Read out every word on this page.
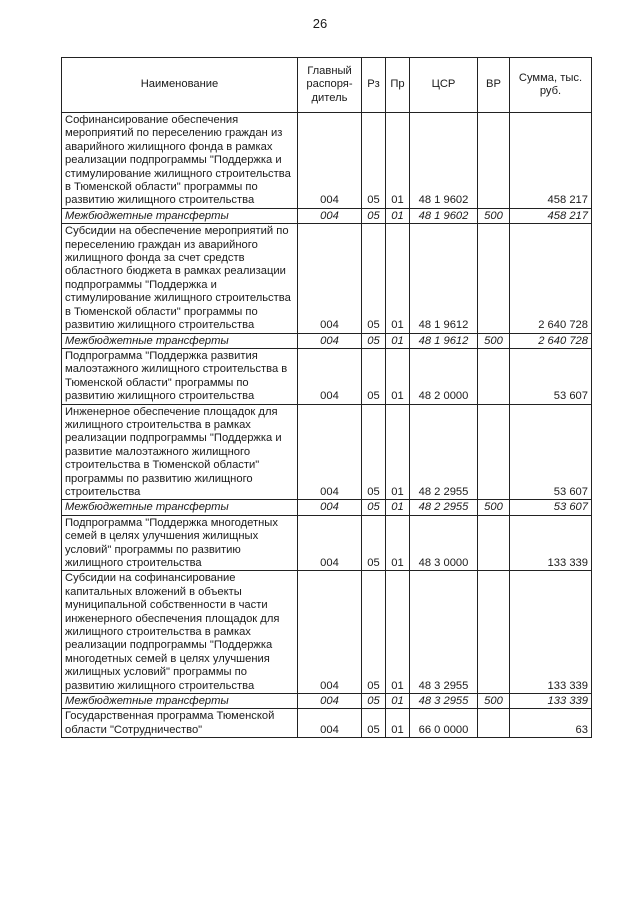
26
Наименование	Главный распоря-дитель	Рз	Пр	ЦСР	ВР	Сумма, тыс. руб.
Софинансирование обеспечения мероприятий по переселению граждан из аварийного жилищного фонда в рамках реализации подпрограммы "Поддержка и стимулирование жилищного строительства в Тюменской области" программы по развитию жилищного строительства	004	05	01	48 1 9602		458 217
Межбюджетные трансферты	004	05	01	48 1 9602	500	458 217
Субсидии на обеспечение мероприятий по переселению граждан из аварийного жилищного фонда за счет средств областного бюджета в рамках реализации подпрограммы "Поддержка и стимулирование жилищного строительства в Тюменской области" программы по развитию жилищного строительства	004	05	01	48 1 9612		2 640 728
Межбюджетные трансферты	004	05	01	48 1 9612	500	2 640 728
Подпрограмма "Поддержка развития малоэтажного жилищного строительства в Тюменской области" программы по развитию жилищного строительства	004	05	01	48 2 0000		53 607
Инженерное обеспечение площадок для жилищного строительства в рамках реализации подпрограммы "Поддержка и развитие малоэтажного жилищного строительства в Тюменской области" программы по развитию жилищного строительства	004	05	01	48 2 2955		53 607
Межбюджетные трансферты	004	05	01	48 2 2955	500	53 607
Подпрограмма "Поддержка многодетных семей в целях улучшения жилищных условий" программы по развитию жилищного строительства	004	05	01	48 3 0000		133 339
Субсидии на софинансирование капитальных вложений в объекты муниципальной собственности в части инженерного обеспечения площадок для жилищного строительства в рамках реализации подпрограммы "Поддержка многодетных семей в целях улучшения жилищных условий" программы по развитию жилищного строительства	004	05	01	48 3 2955		133 339
Межбюджетные трансферты	004	05	01	48 3 2955	500	133 339
Государственная программа Тюменской области "Сотрудничество"	004	05	01	66 0 0000		63
